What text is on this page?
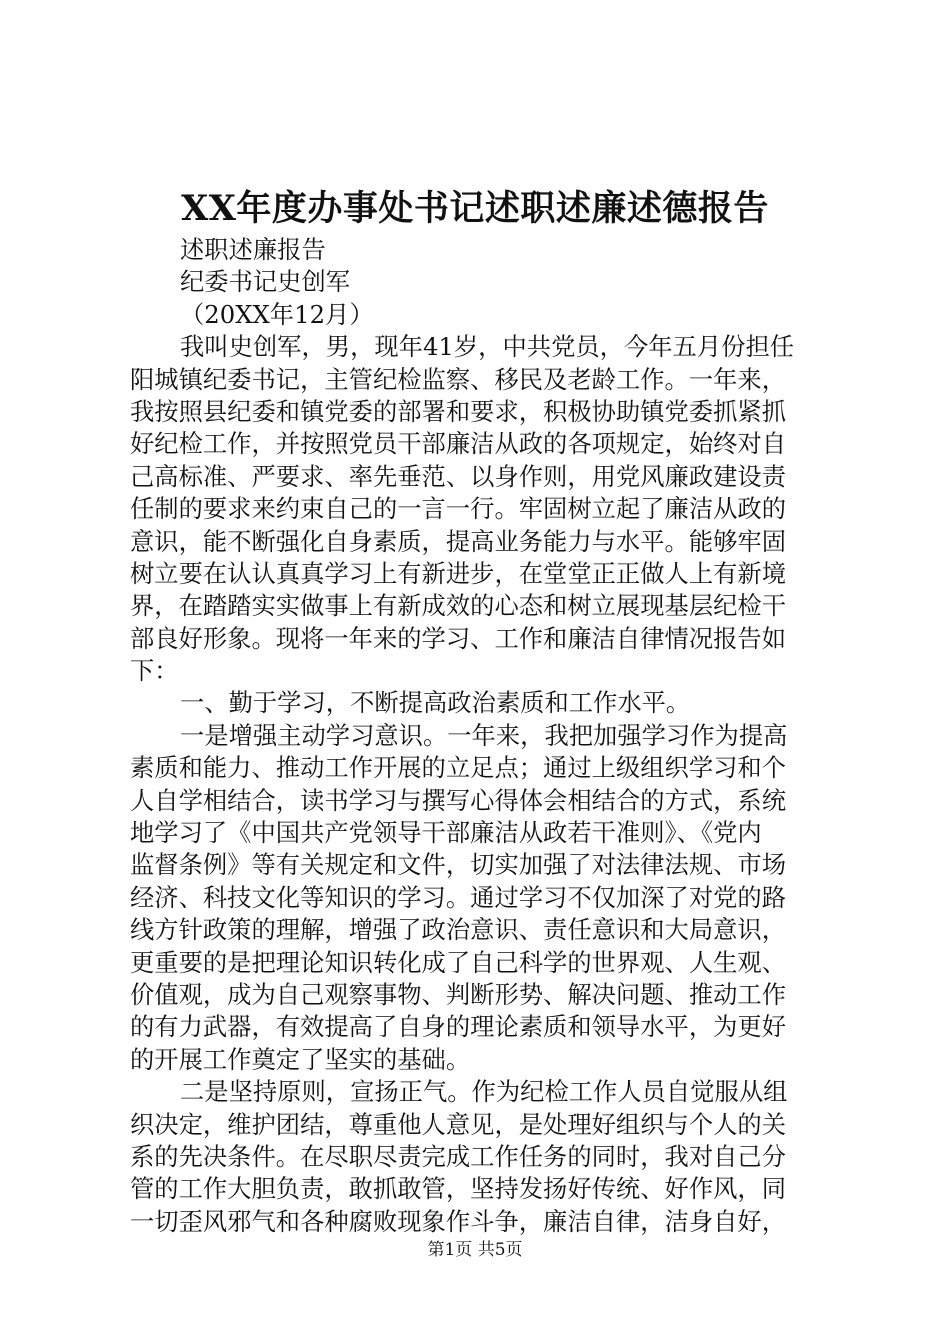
XX年度办事处书记述职述廉述德报告
述职述廉报告
纪委书记史创军
（20XX年12月）
我叫史创军，男，现年41岁，中共党员，今年五月份担任
阳城镇纪委书记，主管纪检监察、移民及老龄工作。一年来，
我按照县纪委和镇党委的部署和要求，积极协助镇党委抓紧抓
好纪检工作，并按照党员干部廉洁从政的各项规定，始终对自
己高标准、严要求、率先垂范、以身作则，用党风廉政建设责
任制的要求来约束自己的一言一行。牢固树立起了廉洁从政的
意识，能不断强化自身素质，提高业务能力与水平。能够牢固
树立要在认认真真学习上有新进步，在堂堂正正做人上有新境
界，在踏踏实实做事上有新成效的心态和树立展现基层纪检干
部良好形象。现将一年来的学习、工作和廉洁自律情况报告如
下：
一、勤于学习，不断提高政治素质和工作水平。
一是增强主动学习意识。一年来，我把加强学习作为提高
素质和能力、推动工作开展的立足点；通过上级组织学习和个
人自学相结合，读书学习与撰写心得体会相结合的方式，系统
地学习了《中国共产党领导干部廉洁从政若干准则》、《党内
监督条例》等有关规定和文件，切实加强了对法律法规、市场
经济、科技文化等知识的学习。通过学习不仅加深了对党的路
线方针政策的理解，增强了政治意识、责任意识和大局意识，
更重要的是把理论知识转化成了自己科学的世界观、人生观、
价值观，成为自己观察事物、判断形势、解决问题、推动工作
的有力武器，有效提高了自身的理论素质和领导水平，为更好
的开展工作奠定了坚实的基础。
二是坚持原则，宣扬正气。作为纪检工作人员自觉服从组
织决定，维护团结，尊重他人意见，是处理好组织与个人的关
系的先决条件。在尽职尽责完成工作任务的同时，我对自己分
管的工作大胆负责，敢抓敢管，坚持发扬好传统、好作风，同
一切歪风邪气和各种腐败现象作斗争，廉洁自律，洁身自好，
第1页 共5页
